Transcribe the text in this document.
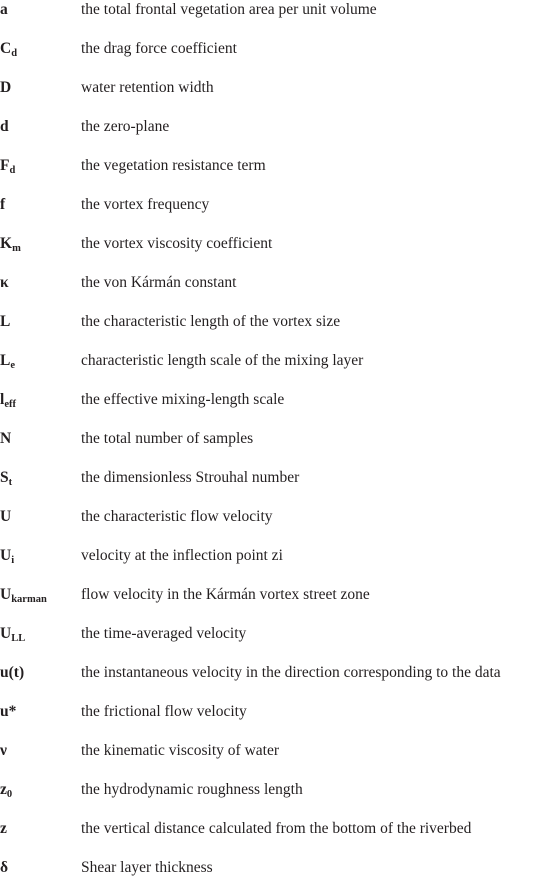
a	the total frontal vegetation area per unit volume
$C_d$	the drag force coefficient
D	water retention width
d	the zero-plane
$F_d$	the vegetation resistance term
f	the vortex frequency
$K_m$	the vortex viscosity coefficient
κ	the von Kármán constant
L	the characteristic length of the vortex size
$L_e$	characteristic length scale of the mixing layer
$l_{eff}$	the effective mixing-length scale
N	the total number of samples
$S_t$	the dimensionless Strouhal number
U	the characteristic flow velocity
$U_i$	velocity at the inflection point zi
$U_{karman}$ flow velocity in the Kármán vortex street zone
$U_{LL}$	the time-averaged velocity
u(t)	the instantaneous velocity in the direction corresponding to the data
u*	the frictional flow velocity
ν	the kinematic viscosity of water
$z_0$	the hydrodynamic roughness length
z	the vertical distance calculated from the bottom of the riverbed
δ	Shear layer thickness
